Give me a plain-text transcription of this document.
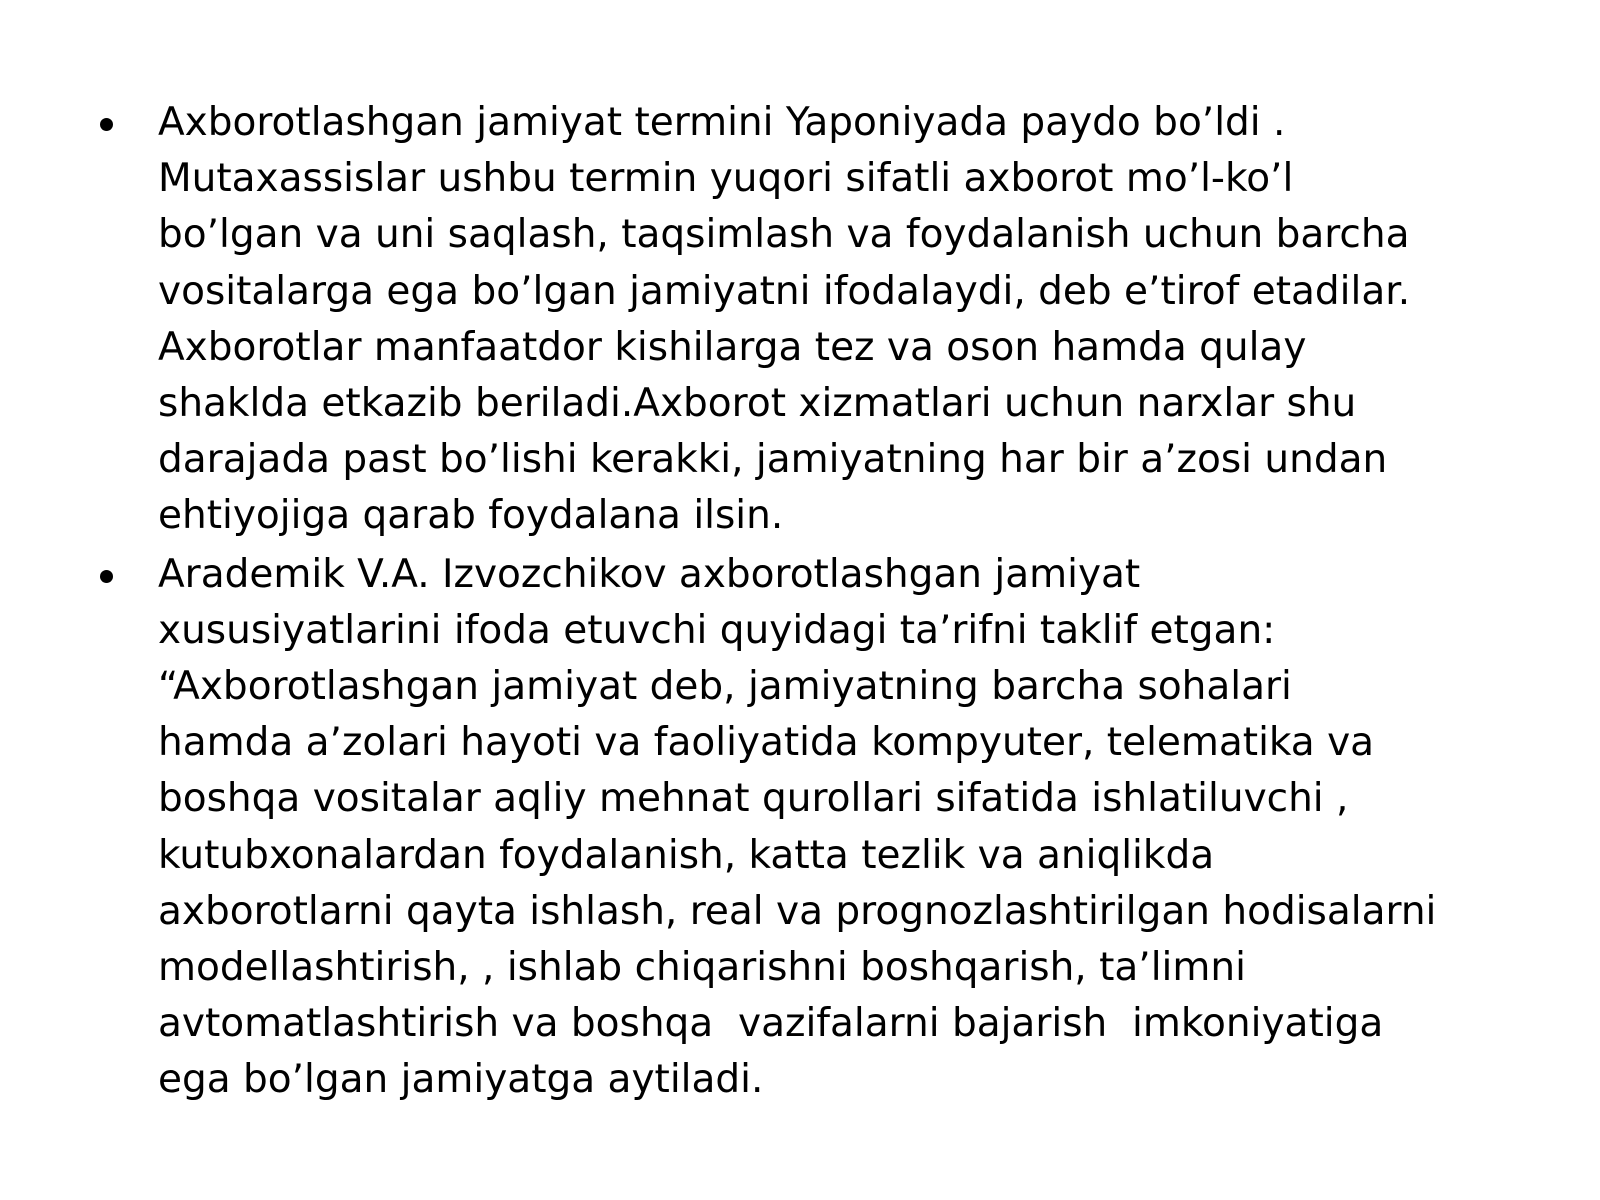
Axborotlashgan jamiyat termini Yaponiyada paydo bo’ldi .
Mutaxassislar ushbu termin yuqori sifatli axborot mo’l-ko’l
bo’lgan va uni saqlash, taqsimlash va foydalanish uchun barcha
vositalarga ega bo’lgan jamiyatni ifodalaydi, deb e’tirof etadilar.
Axborotlar manfaatdor kishilarga tez va oson hamda qulay
shaklda etkazib beriladi.Axborot xizmatlari uchun narxlar shu
darajada past bo’lishi kerakki, jamiyatning har bir a’zosi undan
ehtiyojiga qarab foydalana ilsin.
Arademik V.A. Izvozchikov axborotlashgan jamiyat
xususiyatlarini ifoda etuvchi quyidagi ta’rifni taklif etgan:
“Axborotlashgan jamiyat deb, jamiyatning barcha sohalari
hamda a’zolari hayoti va faoliyatida kompyuter, telematika va
boshqa vositalar aqliy mehnat qurollari sifatida ishlatiluvchi ,
kutubxonalardan foydalanish, katta tezlik va aniqlikda
axborotlarni qayta ishlash, real va prognozlashtirilgan hodisalarni
modellashtirish, , ishlab chiqarishni boshqarish, ta’limni
avtomatlashtirish va boshqa  vazifalarni bajarish  imkoniyatiga
ega bo’lgan jamiyatga aytiladi.
